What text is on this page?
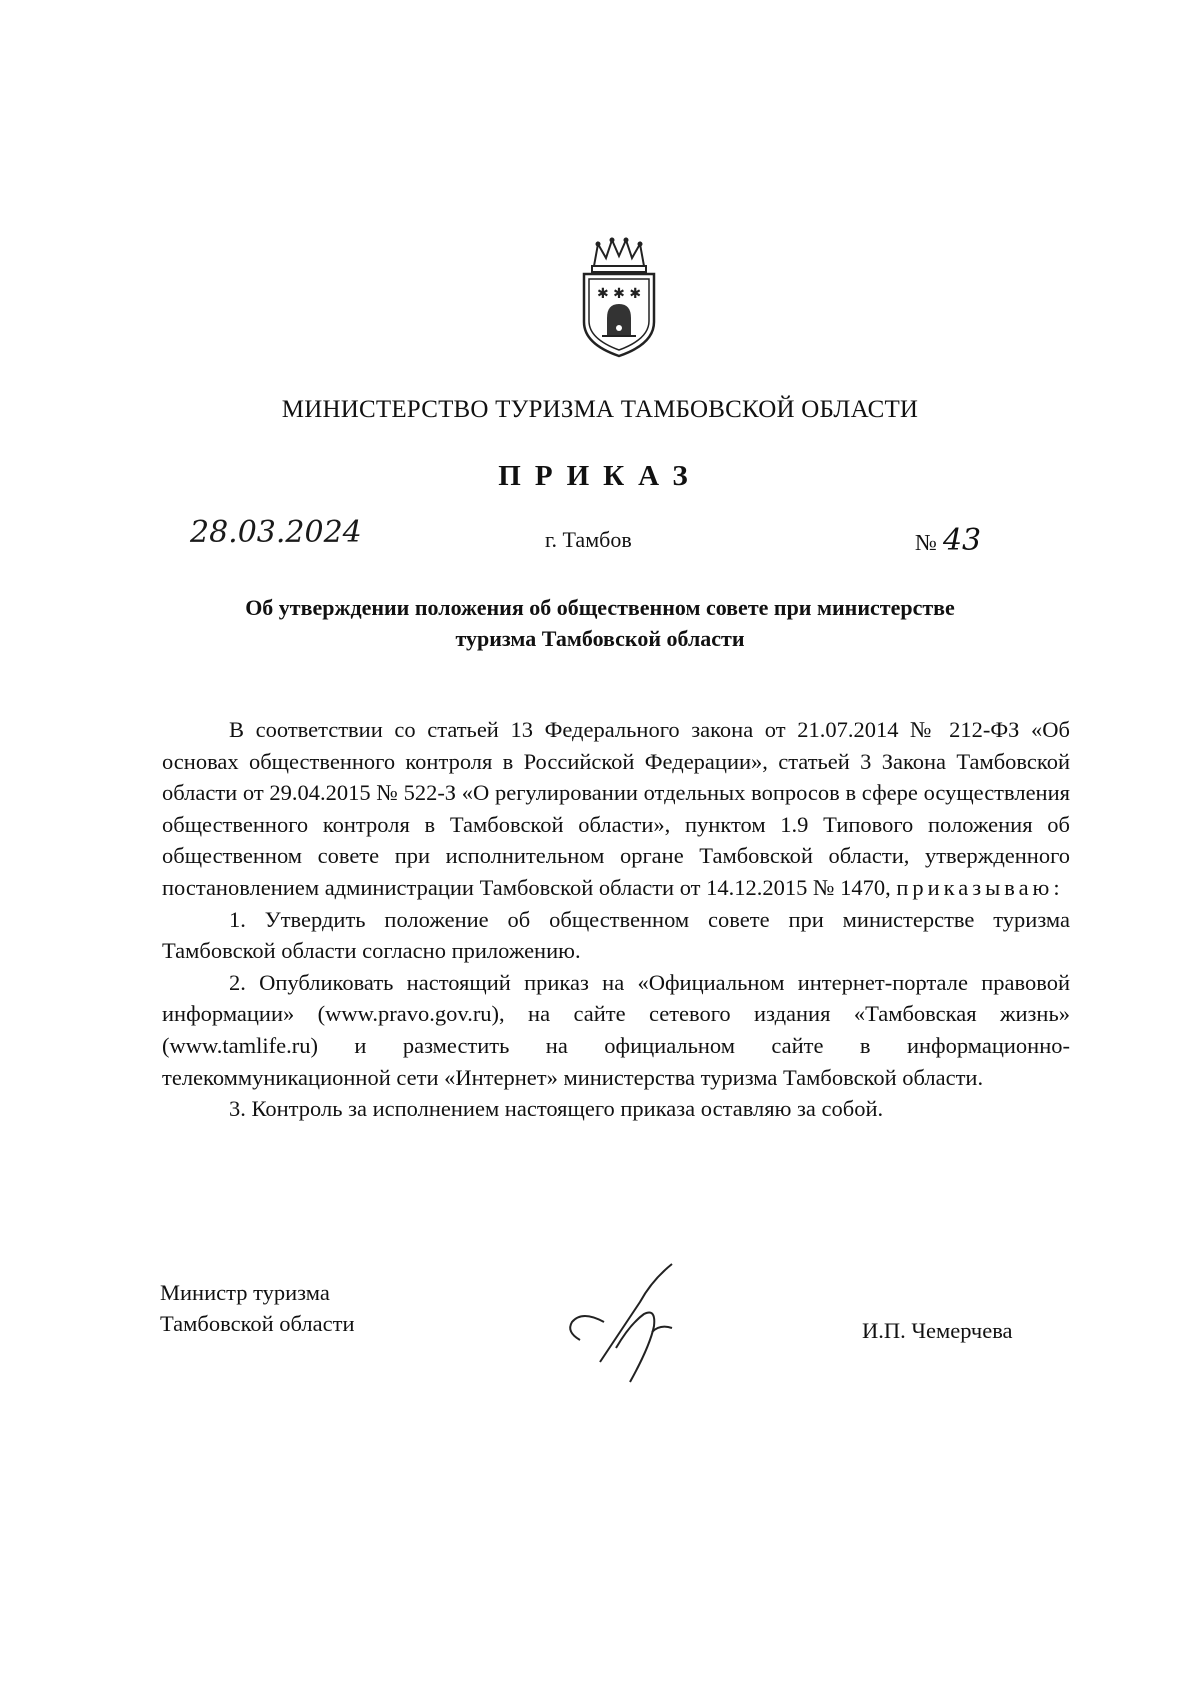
✱ ✱ ✱
МИНИСТЕРСТВО ТУРИЗМА ТАМБОВСКОЙ ОБЛАСТИ
ПРИКАЗ
28.03.2024	г. Тамбов	№ 43
Об утверждении положения об общественном совете при министерстве
туризма Тамбовской области

В соответствии со статьей 13 Федерального закона от 21.07.2014 № 212-ФЗ «Об основах общественного контроля в Российской Федерации», статьей 3 Закона Тамбовской области от 29.04.2015 № 522-З «О регулировании отдельных вопросов в сфере осуществления общественного контроля в Тамбовской области», пунктом 1.9 Типового положения об общественном совете при исполнительном органе Тамбовской области, утвержденного постановлением администрации Тамбовской области от 14.12.2015 № 1470, приказываю:

1. Утвердить положение об общественном совете при министерстве туризма Тамбовской области согласно приложению.

2. Опубликовать настоящий приказ на «Официальном интернет-портале правовой информации» (www.pravo.gov.ru), на сайте сетевого издания «Тамбовская жизнь» (www.tamlife.ru) и разместить на официальном сайте в информационно-телекоммуникационной сети «Интернет» министерства туризма Тамбовской области.

3. Контроль за исполнением настоящего приказа оставляю за собой.

Министр туризма
Тамбовской области	И.П. Чемерчева
